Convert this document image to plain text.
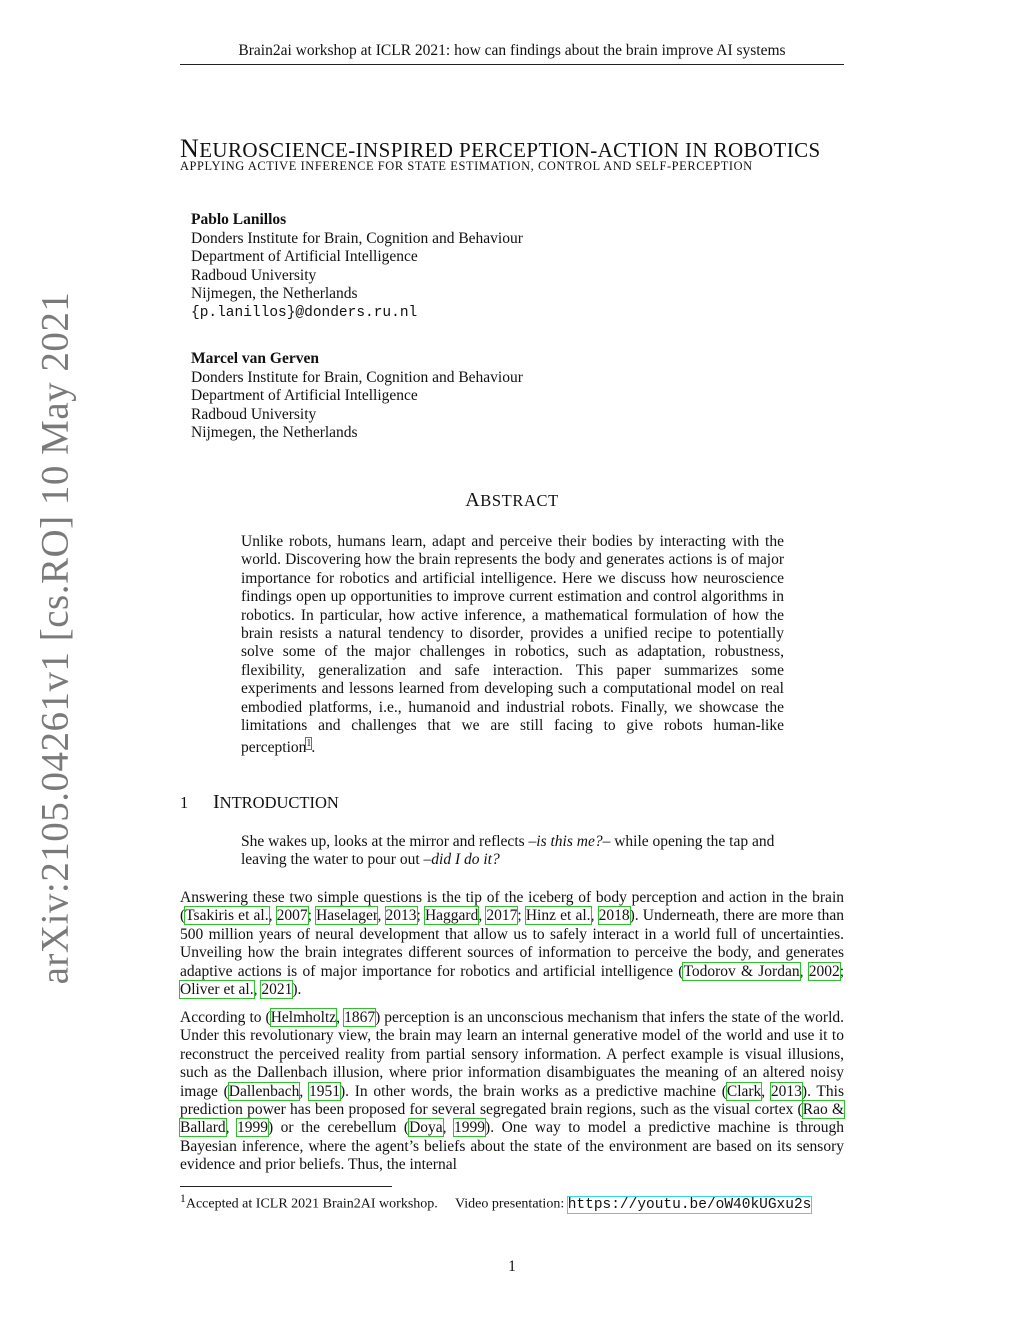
Brain2ai workshop at ICLR 2021: how can findings about the brain improve AI systems
arXiv:2105.04261v1 [cs.RO] 10 May 2021
NEUROSCIENCE-INSPIRED PERCEPTION-ACTION IN ROBOTICS
APPLYING ACTIVE INFERENCE FOR STATE ESTIMATION, CONTROL AND SELF-PERCEPTION
Pablo Lanillos
Donders Institute for Brain, Cognition and Behaviour
Department of Artificial Intelligence
Radboud University
Nijmegen, the Netherlands
{p.lanillos}@donders.ru.nl
Marcel van Gerven
Donders Institute for Brain, Cognition and Behaviour
Department of Artificial Intelligence
Radboud University
Nijmegen, the Netherlands
ABSTRACT
Unlike robots, humans learn, adapt and perceive their bodies by interacting with the world. Discovering how the brain represents the body and generates actions is of major importance for robotics and artificial intelligence. Here we discuss how neuroscience findings open up opportunities to improve current estimation and control algorithms in robotics. In particular, how active inference, a mathematical formulation of how the brain resists a natural tendency to disorder, provides a unified recipe to potentially solve some of the major challenges in robotics, such as adaptation, robustness, flexibility, generalization and safe interaction. This paper summarizes some experiments and lessons learned from developing such a computational model on real embodied platforms, i.e., humanoid and industrial robots. Finally, we showcase the limitations and challenges that we are still facing to give robots human-like perception$^1$.
1 INTRODUCTION
She wakes up, looks at the mirror and reflects –is this me?– while opening the tap and leaving the water to pour out –did I do it?
Answering these two simple questions is the tip of the iceberg of body perception and action in the brain (Tsakiris et al., 2007; Haselager, 2013; Haggard, 2017; Hinz et al., 2018). Underneath, there are more than 500 million years of neural development that allow us to safely interact in a world full of uncertainties. Unveiling how the brain integrates different sources of information to perceive the body, and generates adaptive actions is of major importance for robotics and artificial intelligence (Todorov & Jordan, 2002; Oliver et al., 2021).
According to (Helmholtz, 1867) perception is an unconscious mechanism that infers the state of the world. Under this revolutionary view, the brain may learn an internal generative model of the world and use it to reconstruct the perceived reality from partial sensory information. A perfect example is visual illusions, such as the Dallenbach illusion, where prior information disambiguates the meaning of an altered noisy image (Dallenbach, 1951). In other words, the brain works as a predictive machine (Clark, 2013). This prediction power has been proposed for several segregated brain regions, such as the visual cortex (Rao & Ballard, 1999) or the cerebellum (Doya, 1999). One way to model a predictive machine is through Bayesian inference, where the agent’s beliefs about the state of the environment are based on its sensory evidence and prior beliefs. Thus, the internal
$^1$Accepted at ICLR 2021 Brain2AI workshop.     Video presentation: https://youtu.be/oW40kUGxu2s
1
